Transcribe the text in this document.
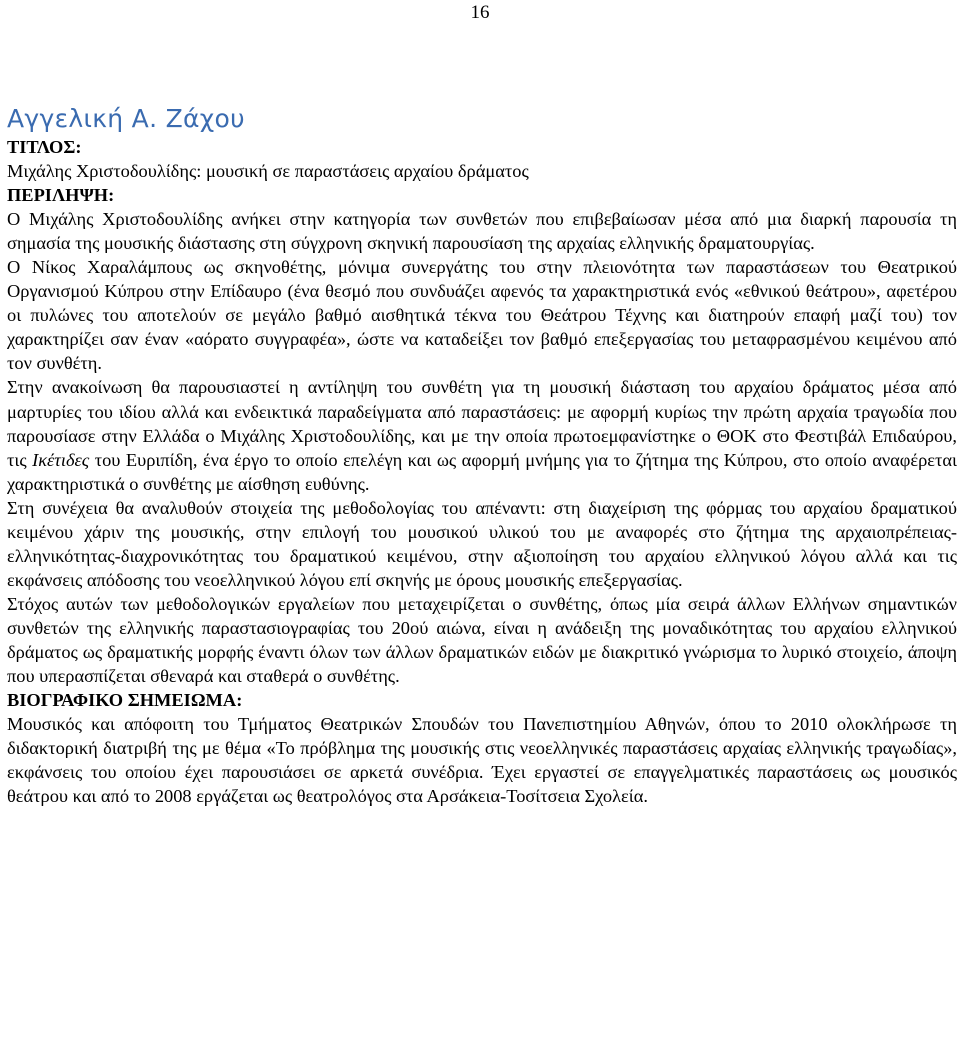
16
Αγγελική Α. Ζάχου
ΤΙΤΛΟΣ:

Μιχάλης Χριστοδουλίδης: μουσική σε παραστάσεις αρχαίου δράματος

ΠΕΡΙΛΗΨΗ:

Ο Μιχάλης Χριστοδουλίδης ανήκει στην κατηγορία των συνθετών που επιβεβαίωσαν μέσα από μια διαρκή παρουσία τη σημασία της μουσικής διάστασης στη σύγχρονη σκηνική παρουσίαση της αρχαίας ελληνικής δραματουργίας.

Ο Νίκος Χαραλάμπους ως σκηνοθέτης, μόνιμα συνεργάτης του στην πλειονότητα των παραστάσεων του Θεατρικού Οργανισμού Κύπρου στην Επίδαυρο (ένα θεσμό που συνδυάζει αφενός τα χαρακτηριστικά ενός «εθνικού θεάτρου», αφετέρου οι πυλώνες του αποτελούν σε μεγάλο βαθμό αισθητικά τέκνα του Θεάτρου Τέχνης και διατηρούν επαφή μαζί του) τον χαρακτηρίζει σαν έναν «αόρατο συγγραφέα», ώστε να καταδείξει τον βαθμό επεξεργασίας του μεταφρασμένου κειμένου από τον συνθέτη.

Στην ανακοίνωση θα παρουσιαστεί η αντίληψη του συνθέτη για τη μουσική διάσταση του αρχαίου δράματος μέσα από μαρτυρίες του ιδίου αλλά και ενδεικτικά παραδείγματα από παραστάσεις: με αφορμή κυρίως την πρώτη αρχαία τραγωδία που παρουσίασε στην Ελλάδα ο Μιχάλης Χριστοδουλίδης, και με την οποία πρωτοεμφανίστηκε ο ΘΟΚ στο Φεστιβάλ Επιδαύρου, τις Ικέτιδες του Ευριπίδη, ένα έργο το οποίο επελέγη και ως αφορμή μνήμης για το ζήτημα της Κύπρου, στο οποίο αναφέρεται χαρακτηριστικά ο συνθέτης με αίσθηση ευθύνης.

Στη συνέχεια θα αναλυθούν στοιχεία της μεθοδολογίας του απέναντι: στη διαχείριση της φόρμας του αρχαίου δραματικού κειμένου χάριν της μουσικής, στην επιλογή του μουσικού υλικού του με αναφορές στο ζήτημα της αρχαιοπρέπειας-ελληνικότητας-διαχρονικότητας του δραματικού κειμένου, στην αξιοποίηση του αρχαίου ελληνικού λόγου αλλά και τις εκφάνσεις απόδοσης του νεοελληνικού λόγου επί σκηνής με όρους μουσικής επεξεργασίας.

Στόχος αυτών των μεθοδολογικών εργαλείων που μεταχειρίζεται ο συνθέτης, όπως μία σειρά άλλων Ελλήνων σημαντικών συνθετών της ελληνικής παραστασιογραφίας του 20ού αιώνα, είναι η ανάδειξη της μοναδικότητας του αρχαίου ελληνικού δράματος ως δραματικής μορφής έναντι όλων των άλλων δραματικών ειδών με διακριτικό γνώρισμα το λυρικό στοιχείο, άποψη που υπερασπίζεται σθεναρά και σταθερά ο συνθέτης.

ΒΙΟΓΡΑΦΙΚΟ ΣΗΜΕΙΩΜΑ:

Μουσικός και απόφοιτη του Τμήματος Θεατρικών Σπουδών του Πανεπιστημίου Αθηνών, όπου το 2010 ολοκλήρωσε τη διδακτορική διατριβή της με θέμα «Το πρόβλημα της μουσικής στις νεοελληνικές παραστάσεις αρχαίας ελληνικής τραγωδίας», εκφάνσεις του οποίου έχει παρουσιάσει σε αρκετά συνέδρια. Έχει εργαστεί σε επαγγελματικές παραστάσεις ως μουσικός θεάτρου και από το 2008 εργάζεται ως θεατρολόγος στα Αρσάκεια-Τοσίτσεια Σχολεία.
